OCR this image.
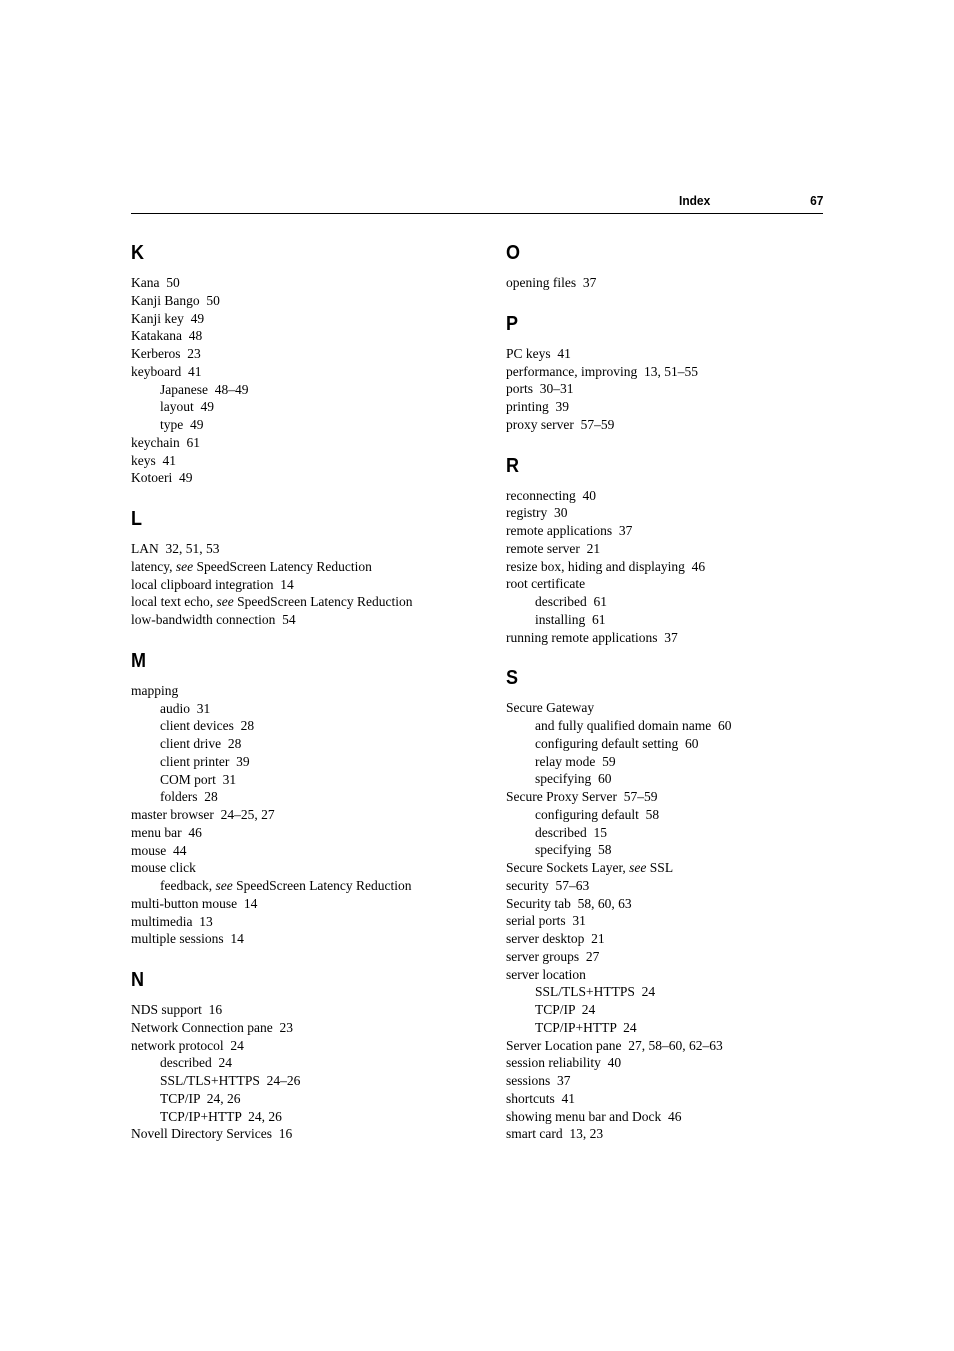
Index	67
K
Kana  50
Kanji Bango  50
Kanji key  49
Katakana  48
Kerberos  23
keyboard  41
Japanese  48–49
layout  49
type  49
keychain  61
keys  41
Kotoeri  49
L
LAN  32, 51, 53
latency, see SpeedScreen Latency Reduction
local clipboard integration  14
local text echo, see SpeedScreen Latency Reduction
low-bandwidth connection  54
M
mapping
audio  31
client devices  28
client drive  28
client printer  39
COM port  31
folders  28
master browser  24–25, 27
menu bar  46
mouse  44
mouse click
feedback, see SpeedScreen Latency Reduction
multi-button mouse  14
multimedia  13
multiple sessions  14
N
NDS support  16
Network Connection pane  23
network protocol  24
described  24
SSL/TLS+HTTPS  24–26
TCP/IP  24, 26
TCP/IP+HTTP  24, 26
Novell Directory Services  16
O
opening files  37
P
PC keys  41
performance, improving  13, 51–55
ports  30–31
printing  39
proxy server  57–59
R
reconnecting  40
registry  30
remote applications  37
remote server  21
resize box, hiding and displaying  46
root certificate
described  61
installing  61
running remote applications  37
S
Secure Gateway
and fully qualified domain name  60
configuring default setting  60
relay mode  59
specifying  60
Secure Proxy Server  57–59
configuring default  58
described  15
specifying  58
Secure Sockets Layer, see SSL
security  57–63
Security tab  58, 60, 63
serial ports  31
server desktop  21
server groups  27
server location
SSL/TLS+HTTPS  24
TCP/IP  24
TCP/IP+HTTP  24
Server Location pane  27, 58–60, 62–63
session reliability  40
sessions  37
shortcuts  41
showing menu bar and Dock  46
smart card  13, 23
